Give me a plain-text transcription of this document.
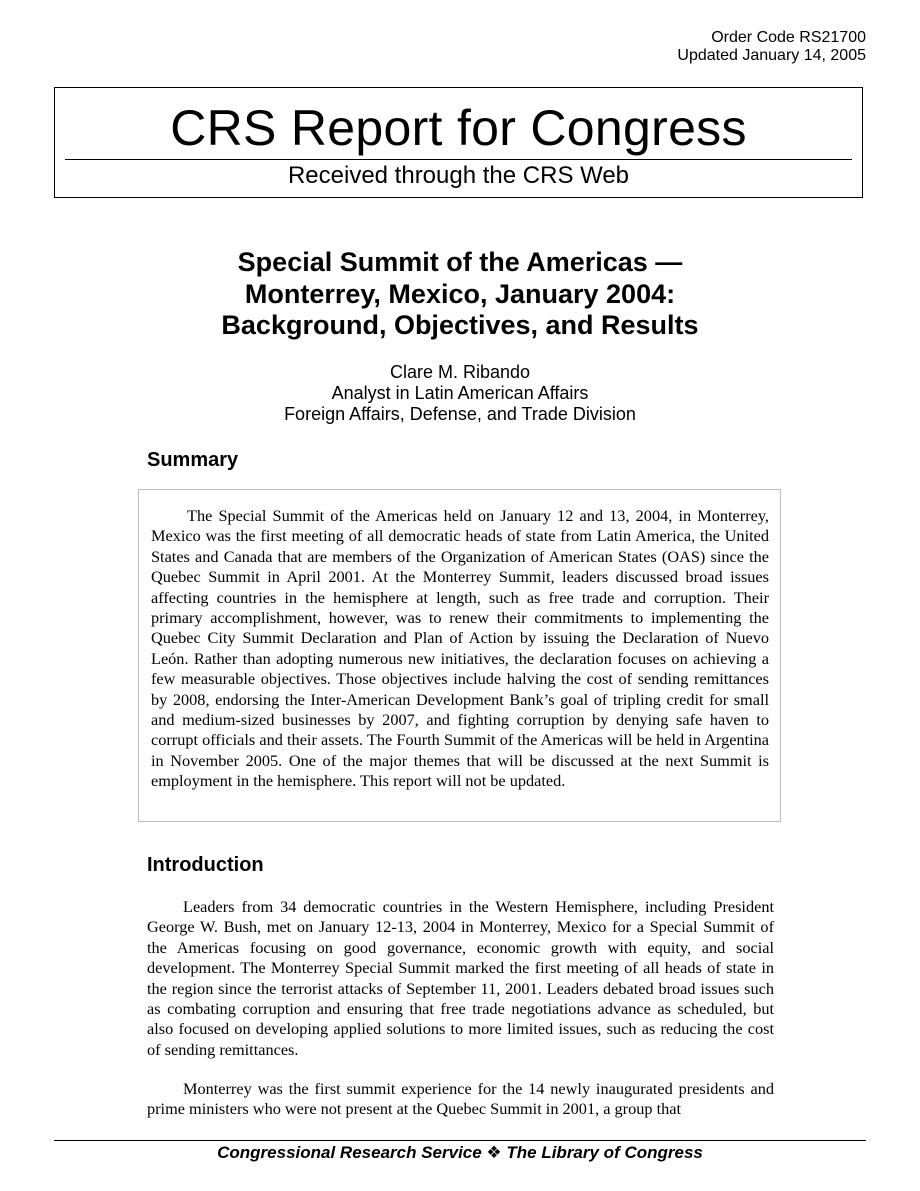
Order Code RS21700
Updated January 14, 2005
CRS Report for Congress
Received through the CRS Web
Special Summit of the Americas —
Monterrey, Mexico, January 2004:
Background, Objectives, and Results
Clare M. Ribando
Analyst in Latin American Affairs
Foreign Affairs, Defense, and Trade Division
Summary

The Special Summit of the Americas held on January 12 and 13, 2004, in Monterrey, Mexico was the first meeting of all democratic heads of state from Latin America, the United States and Canada that are members of the Organization of American States (OAS) since the Quebec Summit in April 2001. At the Monterrey Summit, leaders discussed broad issues affecting countries in the hemisphere at length, such as free trade and corruption. Their primary accomplishment, however, was to renew their commitments to implementing the Quebec City Summit Declaration and Plan of Action by issuing the Declaration of Nuevo León. Rather than adopting numerous new initiatives, the declaration focuses on achieving a few measurable objectives. Those objectives include halving the cost of sending remittances by 2008, endorsing the Inter-American Development Bank’s goal of tripling credit for small and medium-sized businesses by 2007, and fighting corruption by denying safe haven to corrupt officials and their assets. The Fourth Summit of the Americas will be held in Argentina in November 2005. One of the major themes that will be discussed at the next Summit is employment in the hemisphere. This report will not be updated.

Introduction

Leaders from 34 democratic countries in the Western Hemisphere, including President George W. Bush, met on January 12-13, 2004 in Monterrey, Mexico for a Special Summit of the Americas focusing on good governance, economic growth with equity, and social development. The Monterrey Special Summit marked the first meeting of all heads of state in the region since the terrorist attacks of September 11, 2001. Leaders debated broad issues such as combating corruption and ensuring that free trade negotiations advance as scheduled, but also focused on developing applied solutions to more limited issues, such as reducing the cost of sending remittances.

Monterrey was the first summit experience for the 14 newly inaugurated presidents and prime ministers who were not present at the Quebec Summit in 2001, a group that

Congressional Research Service ❖ The Library of Congress
